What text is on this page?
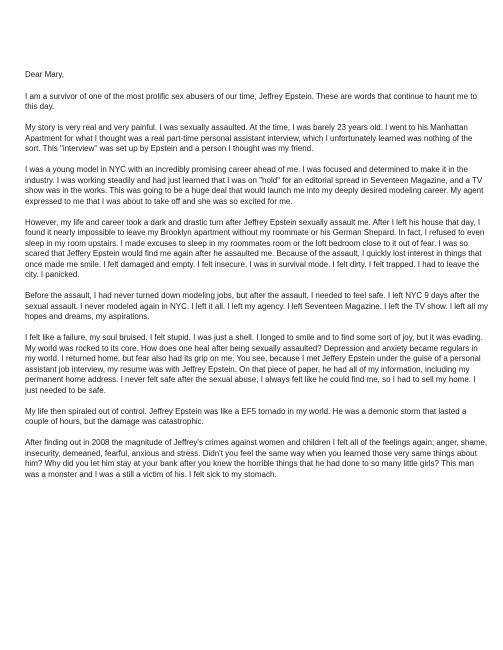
Dear Mary,

I am a survivor of one of the most prolific sex abusers of our time, Jeffrey Epstein. These are words that continue to haunt me to this day.

My story is very real and very painful. I was sexually assaulted. At the time, I was barely 23 years old. I went to his Manhattan Apartment for what I thought was a real part-time personal assistant interview, which I unfortunately learned was nothing of the sort. This "interview" was set up by Epstein and a person I thought was my friend.

I was a young model in NYC with an incredibly promising career ahead of me. I was focused and determined to make it in the industry. I was working steadily and had just learned that I was on "hold" for an editorial spread in Seventeen Magazine, and a TV show was in the works. This was going to be a huge deal that would launch me into my deeply desired modeling career. My agent expressed to me that I was about to take off and she was so excited for me.

However, my life and career took a dark and drastic turn after Jeffrey Epstein sexually assault me. After I left his house that day, I found it nearly impossible to leave my Brooklyn apartment without my roommate or his German Shepard. In fact, I refused to even sleep in my room upstairs. I made excuses to sleep in my roommates room or the loft bedroom close to it out of fear. I was so scared that Jeffery Epstein would find me again after he assaulted me. Because of the assault, I quickly lost interest in things that once made me smile. I felt damaged and empty. I felt insecure, I was in survival mode. I felt dirty. I felt trapped. I had to leave the city. I panicked.

Before the assault, I had never turned down modeling jobs, but after the assault, I needed to feel safe. I left NYC 9 days after the sexual assault. I never modeled again in NYC. I left it all. I left my agency. I left Seventeen Magazine. I left the TV show. I left all my hopes and dreams, my aspirations.

I felt like a failure, my soul bruised. I felt stupid. I was just a shell. I longed to smile and to find some sort of joy, but it was evading. My world was rocked to its core. How does one heal after being sexually assaulted? Depression and anxiety became regulars in my world. I returned home, but fear also had its grip on me. You see, because I met Jeffery Epstein under the guise of a personal assistant job interview, my resume was with Jeffrey Epstein. On that piece of paper, he had all of my information, including my permanent home address. I never felt safe after the sexual abuse, I always felt like he could find me, so I had to sell my home. I just needed to be safe.

My life then spiraled out of control. Jeffrey Epstein was like a EF5 tornado in my world. He was a demonic storm that lasted a couple of hours, but the damage was catastrophic.

After finding out in 2008 the magnitude of Jeffrey's crimes against women and children I felt all of the feelings again; anger, shame, insecurity, demeaned, fearful, anxious and stress. Didn't you feel the same way when you learned those very same things about him? Why did you let him stay at your bank after you knew the horrible things that he had done to so many little girls? This man was a monster and I was a still a victim of his. I felt sick to my stomach.
